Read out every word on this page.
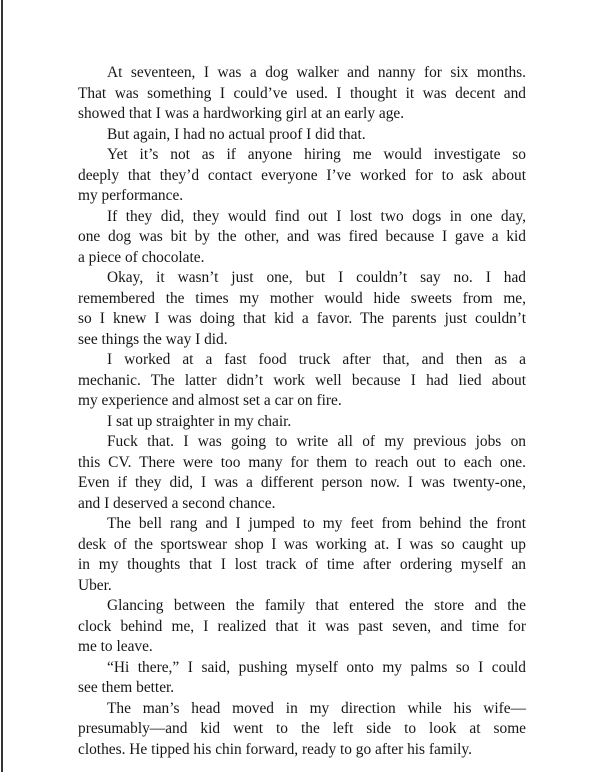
At seventeen, I was a dog walker and nanny for six months.
That was something I could’ve used. I thought it was decent and
showed that I was a hardworking girl at an early age.
But again, I had no actual proof I did that.
Yet it’s not as if anyone hiring me would investigate so
deeply that they’d contact everyone I’ve worked for to ask about
my performance.
If they did, they would find out I lost two dogs in one day,
one dog was bit by the other, and was fired because I gave a kid
a piece of chocolate.
Okay, it wasn’t just one, but I couldn’t say no. I had
remembered the times my mother would hide sweets from me,
so I knew I was doing that kid a favor. The parents just couldn’t
see things the way I did.
I worked at a fast food truck after that, and then as a
mechanic. The latter didn’t work well because I had lied about
my experience and almost set a car on fire.
I sat up straighter in my chair.
Fuck that. I was going to write all of my previous jobs on
this CV. There were too many for them to reach out to each one.
Even if they did, I was a different person now. I was twenty-one,
and I deserved a second chance.
The bell rang and I jumped to my feet from behind the front
desk of the sportswear shop I was working at. I was so caught up
in my thoughts that I lost track of time after ordering myself an
Uber.
Glancing between the family that entered the store and the
clock behind me, I realized that it was past seven, and time for
me to leave.
“Hi there,” I said, pushing myself onto my palms so I could
see them better.
The man’s head moved in my direction while his wife—
presumably—and kid went to the left side to look at some
clothes. He tipped his chin forward, ready to go after his family.
